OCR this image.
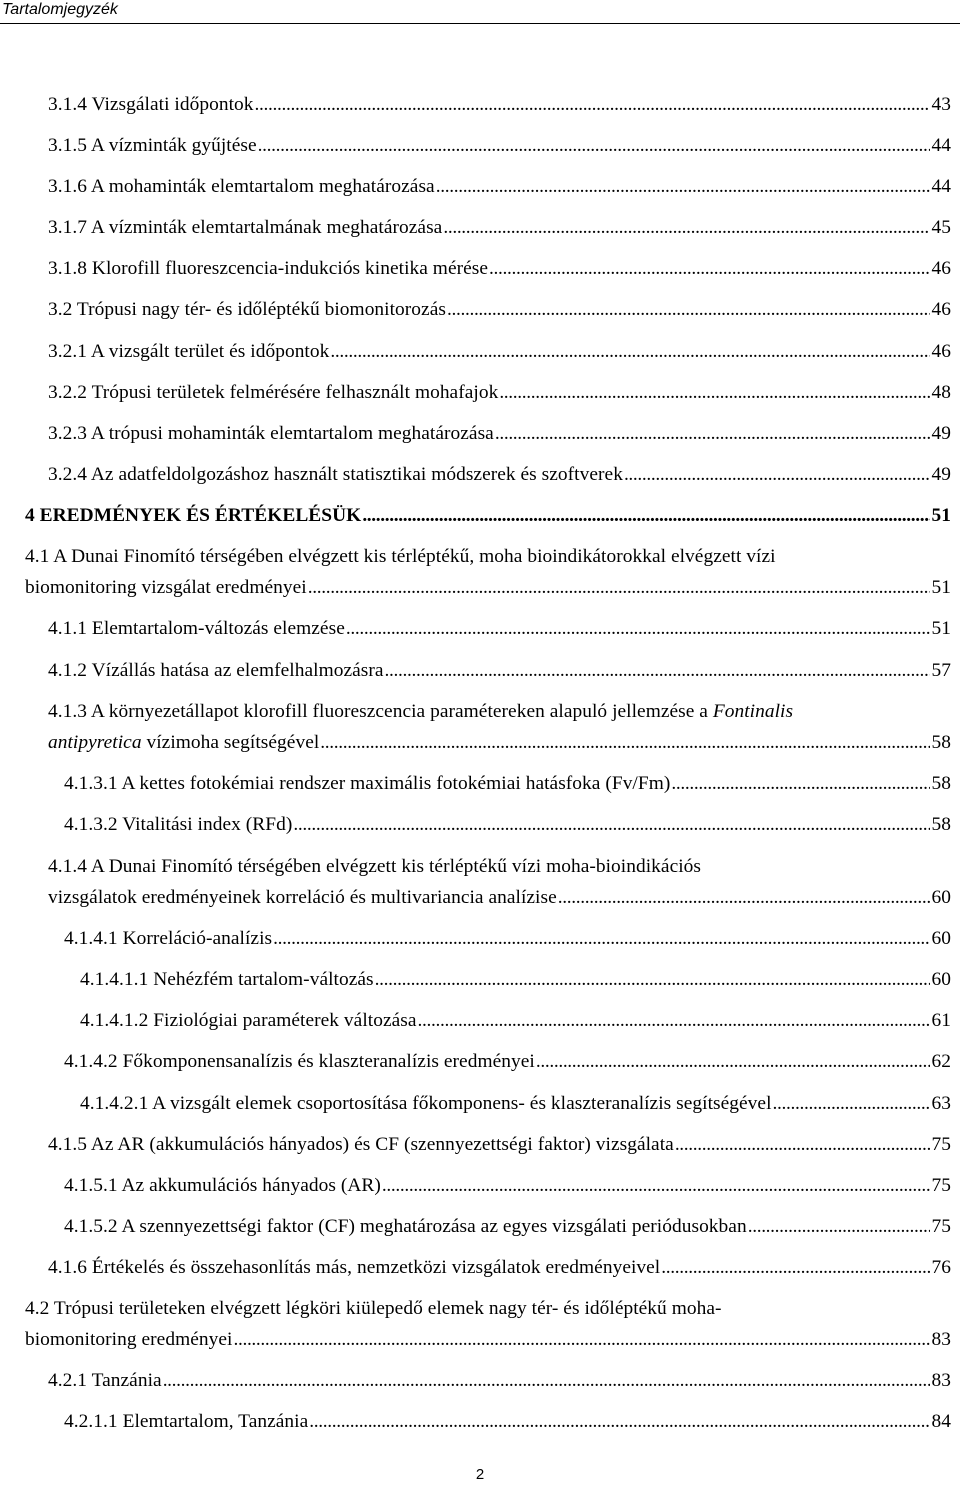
Tartalomjegyzék
3.1.4 Vizsgálati időpontok . . .	43
3.1.5 A vízminták gyűjtése . . .	44
3.1.6 A mohaminták elemtartalom meghatározása . . .	44
3.1.7 A vízminták elemtartalmának meghatározása . . .	45
3.1.8 Klorofill fluoreszcencia-indukciós kinetika mérése . . .	46
3.2 Trópusi nagy tér- és időléptékű biomonitorozás . . .	46
3.2.1 A vizsgált terület és időpontok . . .	46
3.2.2 Trópusi területek felmérésére felhasznált mohafajok . . .	48
3.2.3 A trópusi mohaminták elemtartalom meghatározása . . .	49
3.2.4 Az adatfeldolgozáshoz használt statisztikai módszerek és szoftverek . . .	49
4 EREDMÉNYEK ÉS ÉRTÉKELÉSÜK . . .	51
4.1 A Dunai Finomító térségében elvégzett kis térléptékű, moha bioindikátorokkal elvégzett vízi
biomonitoring vizsgálat eredményei . . .	51
4.1.1 Elemtartalom-változás elemzése . . .	51
4.1.2 Vízállás hatása az elemfelhalmozásra . . .	57
4.1.3 A környezetállapot klorofill fluoreszcencia paramétereken alapuló jellemzése a Fontinalis
antipyretica vízimoha segítségével . . .	58
4.1.3.1 A kettes fotokémiai rendszer maximális fotokémiai hatásfoka (Fv/Fm) . . .	58
4.1.3.2 Vitalitási index (RFd) . . .	58
4.1.4 A Dunai Finomító térségében elvégzett kis térléptékű vízi moha-bioindikációs
vizsgálatok eredményeinek korreláció és multivariancia analízise . . .	60
4.1.4.1 Korreláció-analízis . . .	60
4.1.4.1.1 Nehézfém tartalom-változás . . .	60
4.1.4.1.2 Fiziológiai paraméterek változása . . .	61
4.1.4.2 Főkomponensanalízis és klaszteranalízis eredményei . . .	62
4.1.4.2.1 A vizsgált elemek csoportosítása főkomponens- és klaszteranalízis segítségével . . .	63
4.1.5 Az AR (akkumulációs hányados) és CF (szennyezettségi faktor) vizsgálata . . .	75
4.1.5.1 Az akkumulációs hányados (AR) . . .	75
4.1.5.2 A szennyezettségi faktor (CF) meghatározása az egyes vizsgálati periódusokban . . .	75
4.1.6 Értékelés és összehasonlítás más, nemzetközi vizsgálatok eredményeivel . . .	76
4.2 Trópusi területeken elvégzett légköri kiülepedő elemek nagy tér- és időléptékű moha-
biomonitoring eredményei . . .	83
4.2.1 Tanzánia . . .	83
4.2.1.1 Elemtartalom, Tanzánia . . .	84
2
